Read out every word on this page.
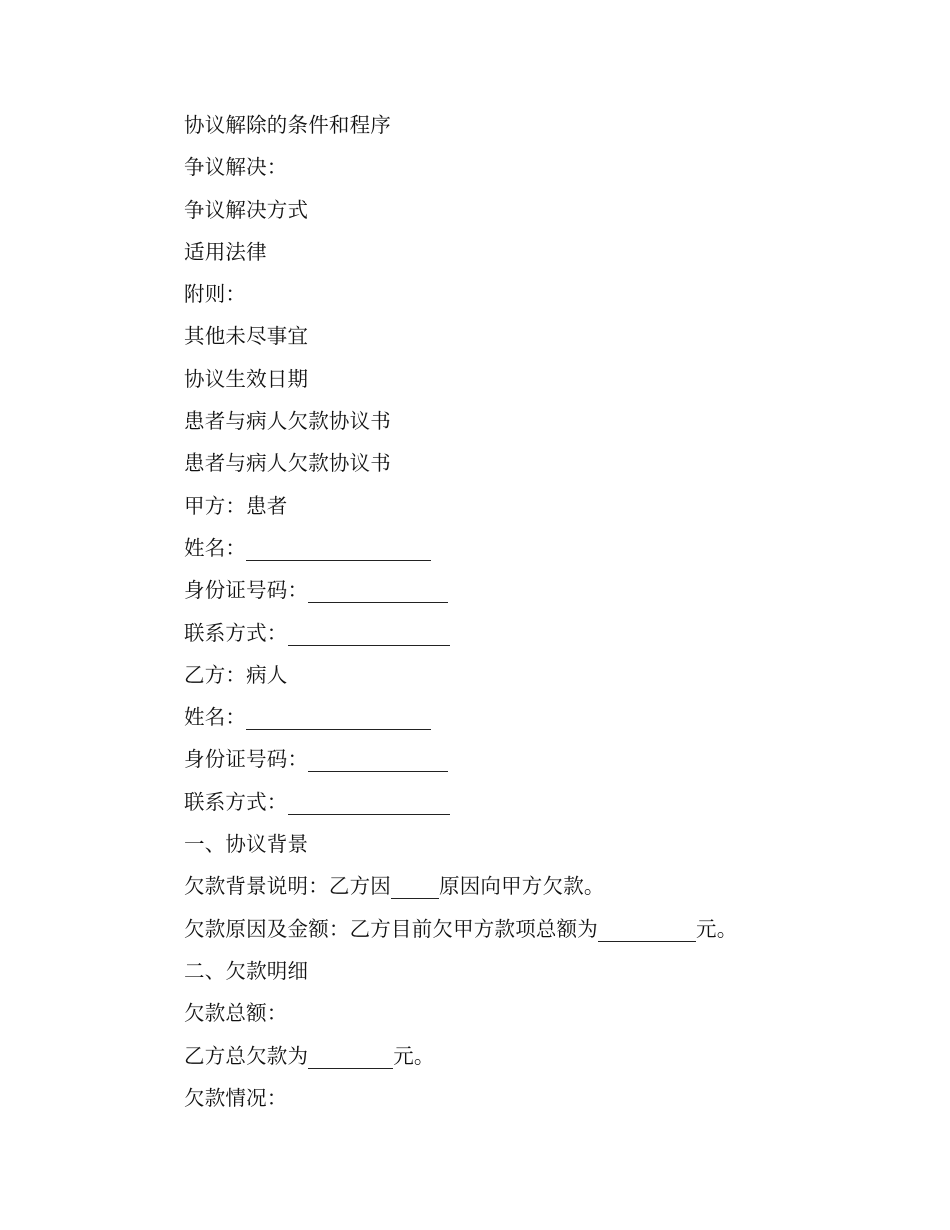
协议解除的条件和程序
争议解决：
争议解决方式
适用法律
附则：
其他未尽事宜
协议生效日期
患者与病人欠款协议书
患者与病人欠款协议书
甲方：患者
姓名：
身份证号码：
联系方式：
乙方：病人
姓名：
身份证号码：
联系方式：
一、协议背景
欠款背景说明：乙方因 原因向甲方欠款。
欠款原因及金额：乙方目前欠甲方款项总额为	元。
二、欠款明细
欠款总额：
乙方总欠款为	元。
欠款情况：
